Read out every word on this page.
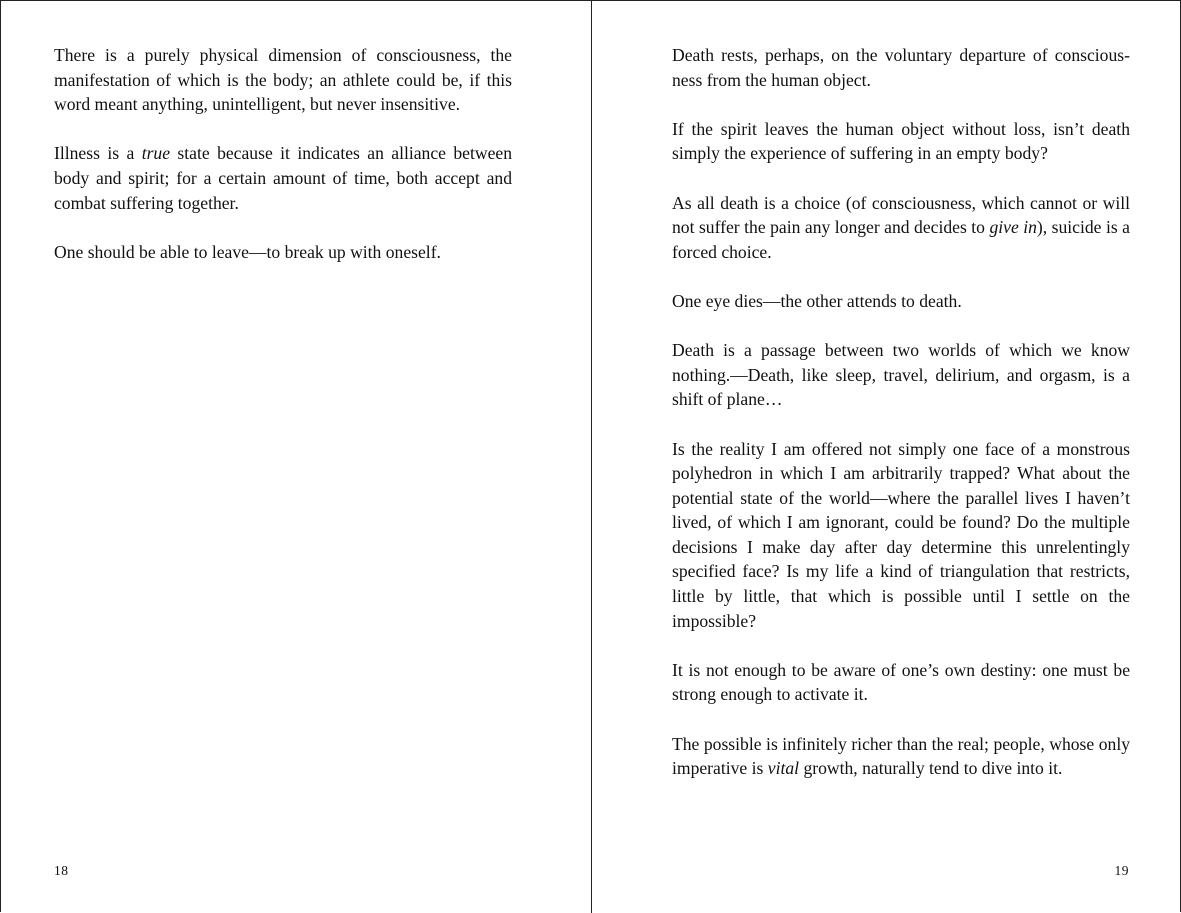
There is a purely physical dimension of consciousness, the manifestation of which is the body; an athlete could be, if this word meant anything, unintelligent, but never insensitive.

Illness is a true state because it indicates an alliance between body and spirit; for a certain amount of time, both accept and combat suffering together.

One should be able to leave—to break up with oneself.

18

Death rests, perhaps, on the voluntary departure of consciousness from the human object.

If the spirit leaves the human object without loss, isn’t death simply the experience of suffering in an empty body?

As all death is a choice (of consciousness, which cannot or will not suffer the pain any longer and decides to give in), suicide is a forced choice.

One eye dies—the other attends to death.

Death is a passage between two worlds of which we know nothing.—Death, like sleep, travel, delirium, and orgasm, is a shift of plane…

Is the reality I am offered not simply one face of a monstrous polyhedron in which I am arbitrarily trapped? What about the potential state of the world—where the parallel lives I haven’t lived, of which I am ignorant, could be found? Do the multiple decisions I make day after day determine this unrelentingly specified face? Is my life a kind of triangulation that restricts, little by little, that which is possible until I settle on the impossible?

It is not enough to be aware of one’s own destiny: one must be strong enough to activate it.

The possible is infinitely richer than the real; people, whose only imperative is vital growth, naturally tend to dive into it.

19
